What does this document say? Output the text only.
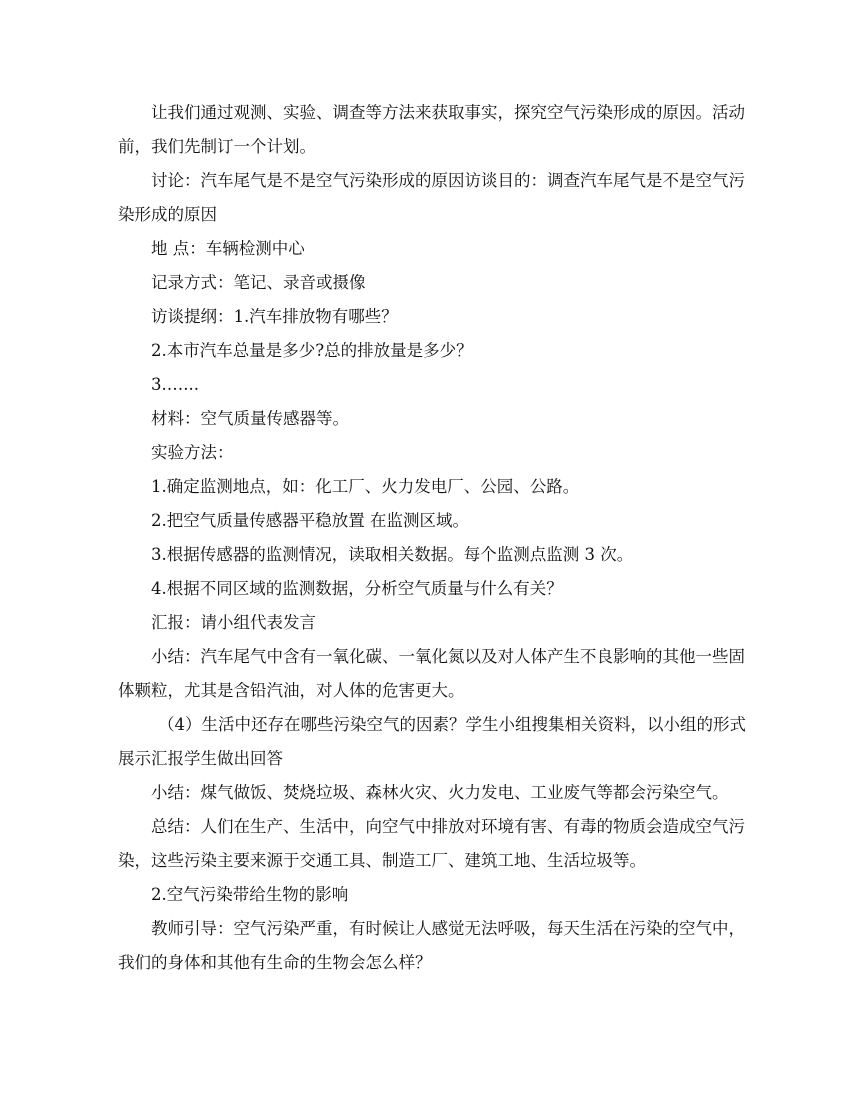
让我们通过观测、实验、调查等方法来获取事实，探究空气污染形成的原因。活动前，我们先制订一个计划。

讨论：汽车尾气是不是空气污染形成的原因访谈目的：调查汽车尾气是不是空气污染形成的原因

地 点：车辆检测中心

记录方式：笔记、录音或摄像

访谈提纲：1.汽车排放物有哪些？

2.本市汽车总量是多少?总的排放量是多少？

3.…...

材料：空气质量传感器等。

实验方法：

1.确定监测地点，如：化工厂、火力发电厂、公园、公路。

2.把空气质量传感器平稳放置 在监测区域。

3.根据传感器的监测情况，读取相关数据。每个监测点监测 3 次。

4.根据不同区域的监测数据，分析空气质量与什么有关？

汇报：请小组代表发言

小结：汽车尾气中含有一氧化碳、一氧化氮以及对人体产生不良影响的其他一些固体颗粒，尤其是含铅汽油，对人体的危害更大。

（4）生活中还存在哪些污染空气的因素？学生小组搜集相关资料，以小组的形式展示汇报学生做出回答

小结：煤气做饭、焚烧垃圾、森林火灾、火力发电、工业废气等都会污染空气。

总结：人们在生产、生活中，向空气中排放对环境有害、有毒的物质会造成空气污染，这些污染主要来源于交通工具、制造工厂、建筑工地、生活垃圾等。

2.空气污染带给生物的影响

教师引导：空气污染严重，有时候让人感觉无法呼吸，每天生活在污染的空气中，我们的身体和其他有生命的生物会怎么样？
